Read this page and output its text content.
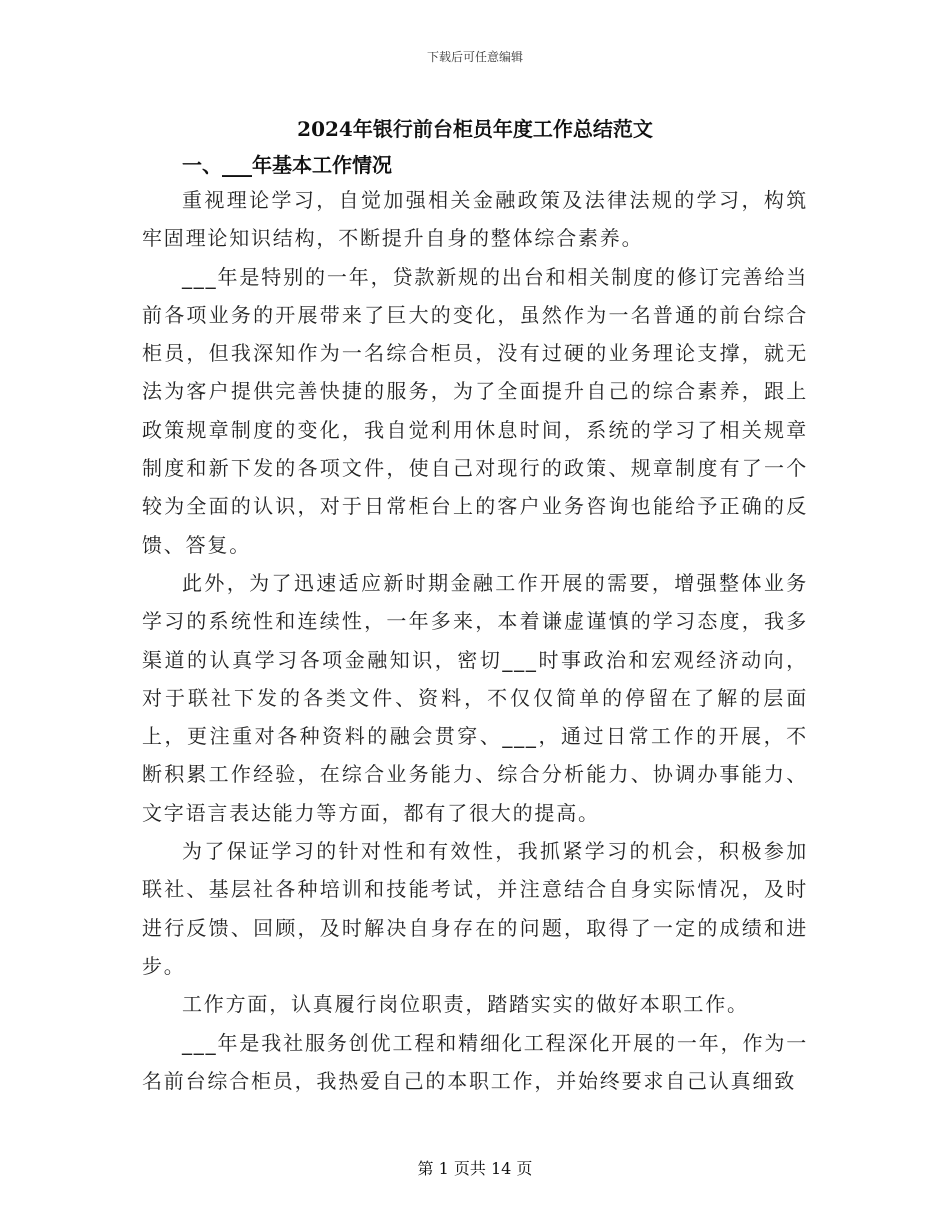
下载后可任意编辑
2024年银行前台柜员年度工作总结范文
一、___年基本工作情况

重视理论学习，自觉加强相关金融政策及法律法规的学习，构筑牢固理论知识结构，不断提升自身的整体综合素养。

___年是特别的一年，贷款新规的出台和相关制度的修订完善给当前各项业务的开展带来了巨大的变化，虽然作为一名普通的前台综合柜员，但我深知作为一名综合柜员，没有过硬的业务理论支撑，就无法为客户提供完善快捷的服务，为了全面提升自己的综合素养，跟上政策规章制度的变化，我自觉利用休息时间，系统的学习了相关规章制度和新下发的各项文件，使自己对现行的政策、规章制度有了一个较为全面的认识，对于日常柜台上的客户业务咨询也能给予正确的反馈、答复。

此外，为了迅速适应新时期金融工作开展的需要，增强整体业务学习的系统性和连续性，一年多来，本着谦虚谨慎的学习态度，我多渠道的认真学习各项金融知识，密切___时事政治和宏观经济动向，对于联社下发的各类文件、资料，不仅仅简单的停留在了解的层面上，更注重对各种资料的融会贯穿、___，通过日常工作的开展，不断积累工作经验，在综合业务能力、综合分析能力、协调办事能力、文字语言表达能力等方面，都有了很大的提高。

为了保证学习的针对性和有效性，我抓紧学习的机会，积极参加联社、基层社各种培训和技能考试，并注意结合自身实际情况，及时进行反馈、回顾，及时解决自身存在的问题，取得了一定的成绩和进步。

工作方面，认真履行岗位职责，踏踏实实的做好本职工作。

___年是我社服务创优工程和精细化工程深化开展的一年，作为一名前台综合柜员，我热爱自己的本职工作，并始终要求自己认真细致

第 1 页共 14 页
